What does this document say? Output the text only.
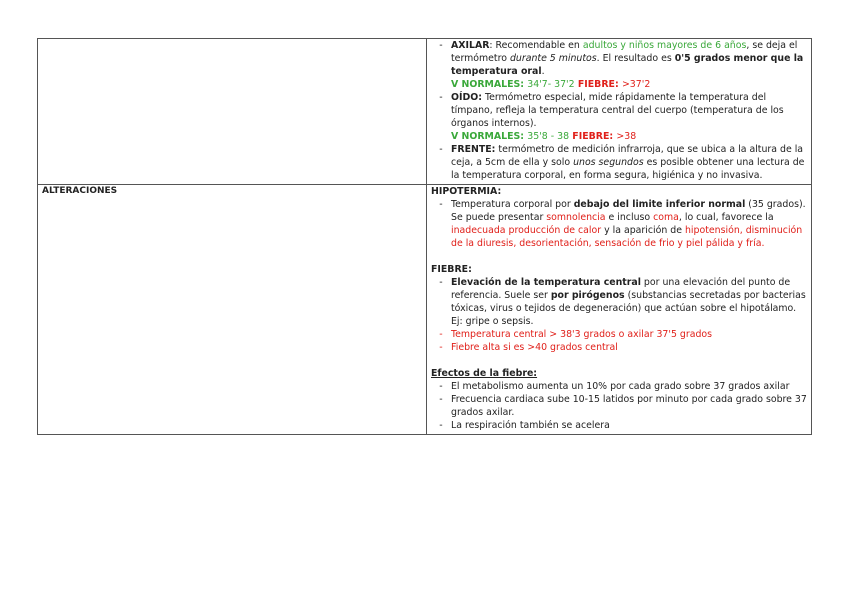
- AXILAR: Recomendable en adultos y niños mayores de 6 años, se deja el termómetro durante 5 minutos. El resultado es 0'5 grados menor que la temperatura oral.
V NORMALES: 34'7- 37'2 FIEBRE: >37'2
- OÍDO: Termómetro especial, mide rápidamente la temperatura del tímpano, refleja la temperatura central del cuerpo (temperatura de los órganos internos).
V NORMALES: 35'8 - 38 FIEBRE: >38
- FRENTE: termómetro de medición infrarroja, que se ubica a la altura de la ceja, a 5cm de ella y solo unos segundos es posible obtener una lectura de la temperatura corporal, en forma segura, higiénica y no invasiva.
ALTERACIONES	HIPOTERMIA:
- Temperatura corporal por debajo del limite inferior normal (35 grados). Se puede presentar somnolencia e incluso coma, lo cual, favorece la inadecuada producción de calor y la aparición de hipotensión, disminución de la diuresis, desorientación, sensación de frio y piel pálida y fría.
FIEBRE:
- Elevación de la temperatura central por una elevación del punto de referencia. Suele ser por pirógenos (substancias secretadas por bacterias tóxicas, virus o tejidos de degeneración) que actúan sobre el hipotálamo. Ej: gripe o sepsis.
- Temperatura central > 38'3 grados o axilar 37'5 grados
- Fiebre alta si es >40 grados central
Efectos de la fiebre:
- El metabolismo aumenta un 10% por cada grado sobre 37 grados axilar
- Frecuencia cardiaca sube 10-15 latidos por minuto por cada grado sobre 37 grados axilar.
- La respiración también se acelera
